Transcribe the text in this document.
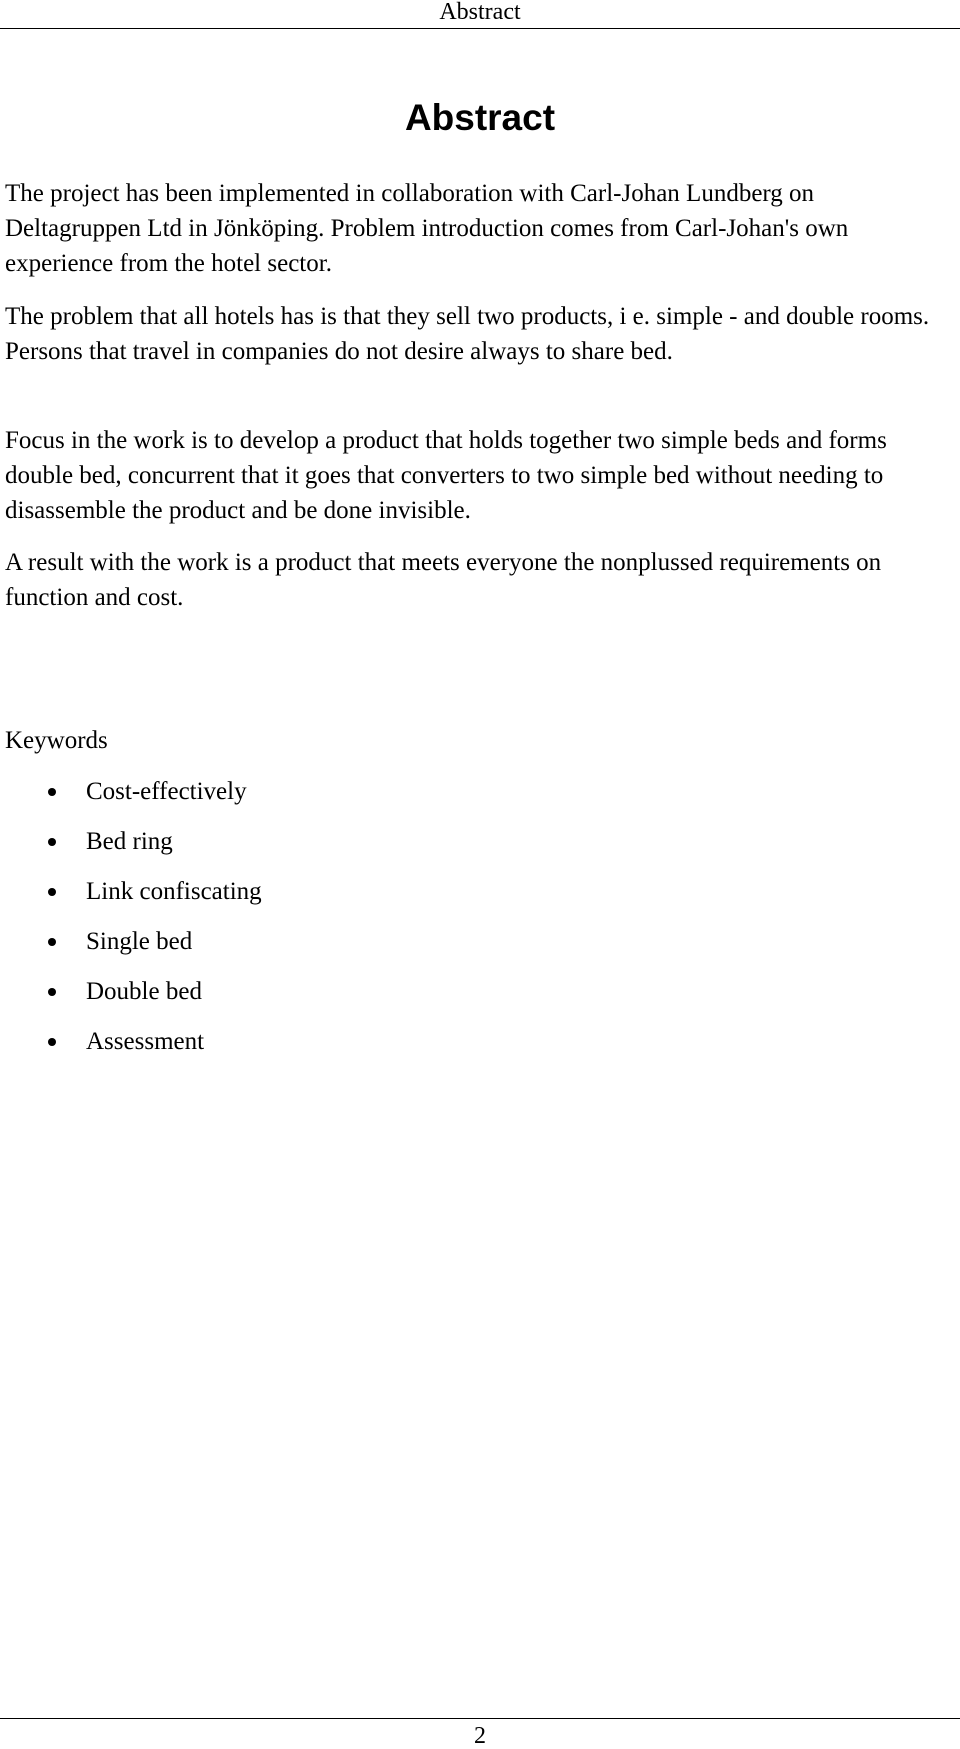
Abstract
Abstract

The project has been implemented in collaboration with Carl-Johan Lundberg on Deltagruppen Ltd in Jönköping. Problem introduction comes from Carl-Johan's own experience from the hotel sector.

The problem that all hotels has is that they sell two products, i e. simple - and double rooms. Persons that travel in companies do not desire always to share bed.

Focus in the work is to develop a product that holds together two simple beds and forms double bed, concurrent that it goes that converters to two simple bed without needing to disassemble the product and be done invisible.

A result with the work is a product that meets everyone the nonplussed requirements on function and cost.

Keywords

Cost-effectively
Bed ring
Link confiscating
Single bed
Double bed
Assessment
2
